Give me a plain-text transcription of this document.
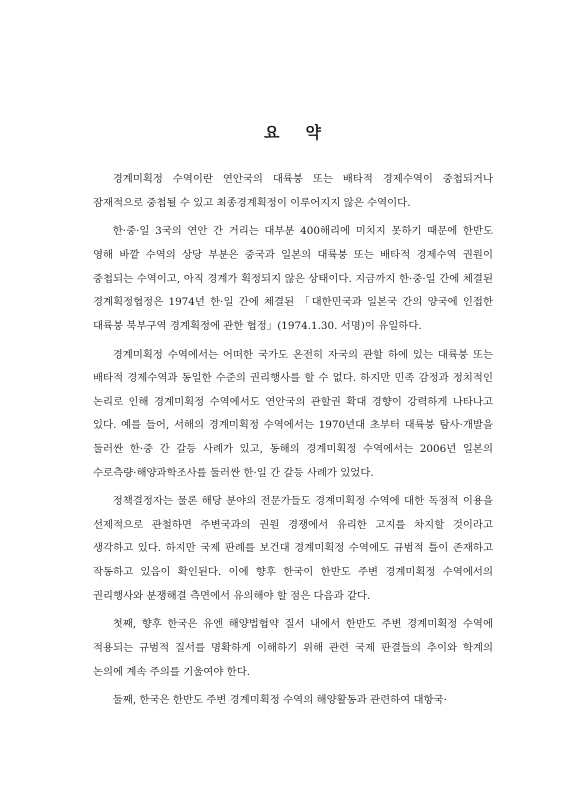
요 약

경계미획정 수역이란 연안국의 대륙붕 또는 배타적 경제수역이 중첩되거나 잠재적으로 중첩될 수 있고 최종경계획정이 이루어지지 않은 수역이다.

한·중·일 3국의 연안 간 거리는 대부분 400해리에 미치지 못하기 때문에 한반도 영해 바깥 수역의 상당 부분은 중국과 일본의 대륙붕 또는 배타적 경제수역 권원이 중첩되는 수역이고, 아직 경계가 획정되지 않은 상태이다. 지금까지 한·중·일 간에 체결된 경계획정협정은 1974년 한·일 간에 체결된 「대한민국과 일본국 간의 양국에 인접한 대륙붕 북부구역 경계획정에 관한 협정」(1974.1.30. 서명)이 유일하다.

경계미획정 수역에서는 어떠한 국가도 온전히 자국의 관할 하에 있는 대륙붕 또는 배타적 경제수역과 동일한 수준의 권리행사를 할 수 없다. 하지만 민족 감정과 정치적인 논리로 인해 경계미획정 수역에서도 연안국의 관할권 확대 경향이 강력하게 나타나고 있다. 예를 들어, 서해의 경계미획정 수역에서는 1970년대 초부터 대륙붕 탐사·개발을 둘러싼 한·중 간 갈등 사례가 있고, 동해의 경계미획정 수역에서는 2006년 일본의 수로측량·해양과학조사를 둘러싼 한·일 간 갈등 사례가 있었다.

정책결정자는 물론 해당 분야의 전문가들도 경계미획정 수역에 대한 독점적 이용을 선제적으로 관철하면 주변국과의 권원 경쟁에서 유리한 고지를 차지할 것이라고 생각하고 있다. 하지만 국제 판례를 보건대 경계미획정 수역에도 규범적 틀이 존재하고 작동하고 있음이 확인된다. 이에 향후 한국이 한반도 주변 경계미획정 수역에서의 권리행사와 분쟁해결 측면에서 유의해야 할 점은 다음과 같다.

첫째, 향후 한국은 유엔 해양법협약 질서 내에서 한반도 주변 경계미획정 수역에 적용되는 규범적 질서를 명확하게 이해하기 위해 관련 국제 판결들의 추이와 학계의 논의에 계속 주의를 기울여야 한다.

둘째, 한국은 한반도 주변 경계미획정 수역의 해양활동과 관련하여 대항국·
